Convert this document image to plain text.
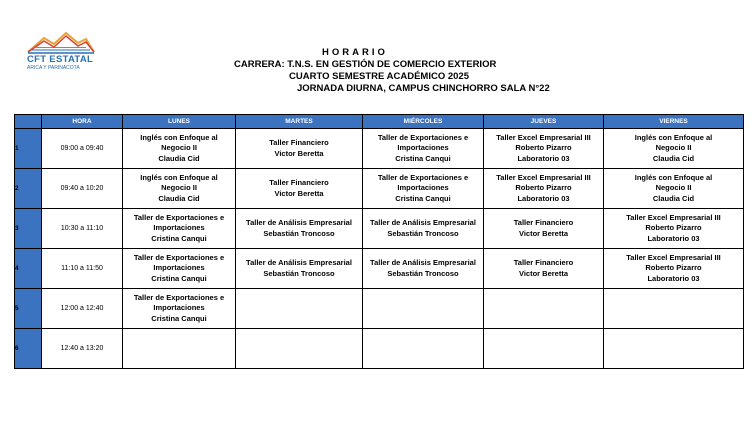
CFT ESTATAL
ARICA Y PARINACOTA
HORARIO
CARRERA: T.N.S. EN GESTIÓN DE COMERCIO EXTERIOR
CUARTO SEMESTRE ACADÉMICO 2025
JORNADA DIURNA, CAMPUS CHINCHORRO SALA N°22
	HORA	LUNES	MARTES	MIÉRCOLES	JUEVES	VIERNES
1	09:00 a 09:40	Inglés con Enfoque al
Negocio II
Claudia Cid	Taller Financiero
Victor Beretta	Taller de Exportaciones e
Importaciones
Cristina Canqui	Taller Excel Empresarial III
Roberto Pizarro
Laboratorio 03	Inglés con Enfoque al
Negocio II
Claudia Cid

2	09:40 a 10:20	Inglés con Enfoque al
Negocio II
Claudia Cid	Taller Financiero
Victor Beretta	Taller de Exportaciones e
Importaciones
Cristina Canqui	Taller Excel Empresarial III
Roberto Pizarro
Laboratorio 03	Inglés con Enfoque al
Negocio II
Claudia Cid

3	10:30 a 11:10	Taller de Exportaciones e
Importaciones
Cristina Canqui	Taller de Análisis Empresarial
Sebastián Troncoso	Taller de Análisis Empresarial
Sebastián Troncoso	Taller Financiero
Victor Beretta	Taller Excel Empresarial III
Roberto Pizarro
Laboratorio 03

4	11:10 a 11:50	Taller de Exportaciones e
Importaciones
Cristina Canqui	Taller de Análisis Empresarial
Sebastián Troncoso	Taller de Análisis Empresarial
Sebastián Troncoso	Taller Financiero
Victor Beretta	Taller Excel Empresarial III
Roberto Pizarro
Laboratorio 03

5	12:00 a 12:40	Taller de Exportaciones e
Importaciones
Cristina Canqui				

6	12:40 a 13:20					
